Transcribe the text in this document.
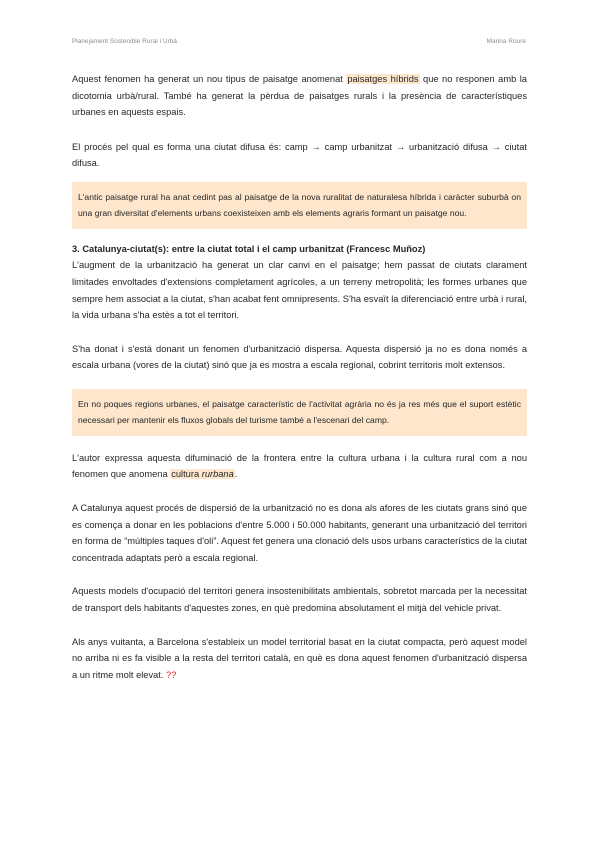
Planejament Sostenible Rural i Urbà	Marina Roure

Aquest fenomen ha generat un nou tipus de paisatge anomenat paisatges híbrids que no responen amb la dicotomia urbà/rural. També ha generat la pèrdua de paisatges rurals i la presència de característiques urbanes en aquests espais.

El procés pel qual es forma una ciutat difusa és: camp → camp urbanitzat → urbanització difusa → ciutat difusa.

L'antic paisatge rural ha anat cedint pas al paisatge de la nova ruralitat de naturalesa híbrida i caràcter suburbà on una gran diversitat d'elements urbans coexisteixen amb els elements agraris formant un paisatge nou.

3. Catalunya-ciutat(s): entre la ciutat total i el camp urbanitzat (Francesc Muñoz)

L'augment de la urbanització ha generat un clar canvi en el paisatge; hem passat de ciutats clarament limitades envoltades d'extensions completament agrícoles, a un terreny metropolità; les formes urbanes que sempre hem associat a la ciutat, s'han acabat fent omnipresents. S'ha esvaït la diferenciació entre urbà i rural, la vida urbana s'ha estès a tot el territori.

S'ha donat i s'està donant un fenomen d'urbanització dispersa. Aquesta dispersió ja no es dona només a escala urbana (vores de la ciutat) sinó que ja es mostra a escala regional, cobrint territoris molt extensos.

En no poques regions urbanes, el paisatge característic de l'activitat agrària no és ja res més que el suport estètic necessari per mantenir els fluxos globals del turisme també a l'escenari del camp.

L'autor expressa aquesta difuminació de la frontera entre la cultura urbana i la cultura rural com a nou fenomen que anomena cultura rurbana.

A Catalunya aquest procés de dispersió de la urbanització no es dona als afores de les ciutats grans sinó que es comença a donar en les poblacions d'entre 5.000 i 50.000 habitants, generant una urbanització del territori en forma de “múltiples taques d'oli”. Aquest fet genera una clonació dels usos urbans característics de la ciutat concentrada adaptats però a escala regional.

Aquests models d'ocupació del territori genera insostenibilitats ambientals, sobretot marcada per la necessitat de transport dels habitants d'aquestes zones, en què predomina absolutament el mitjà del vehicle privat.

Als anys vuitanta, a Barcelona s'estableix un model territorial basat en la ciutat compacta, però aquest model no arriba ni es fa visible a la resta del territori català, en què es dona aquest fenomen d'urbanització dispersa a un ritme molt elevat. ??
